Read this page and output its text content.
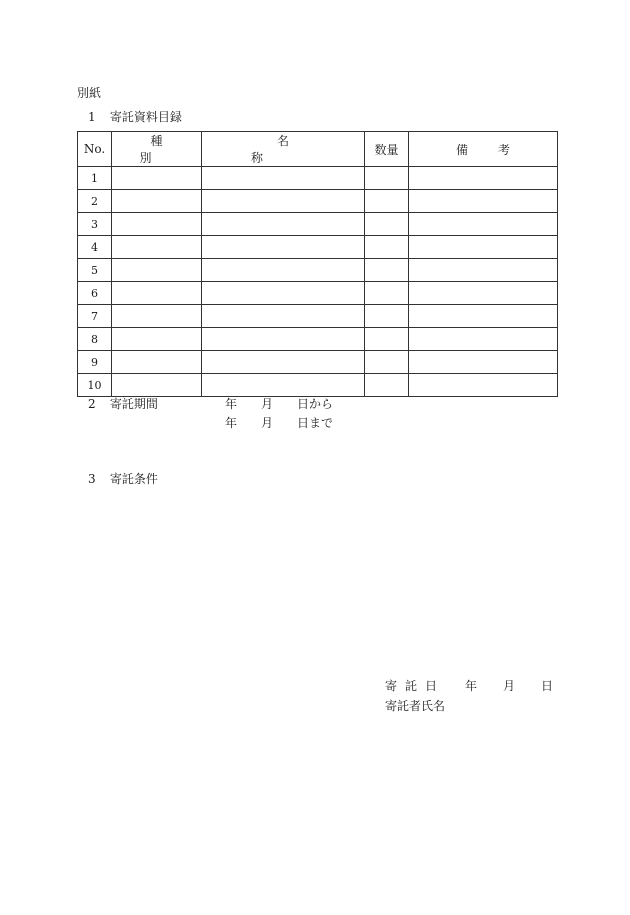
別紙
1 寄託資料目録
No.	種別	名称	数量	備考
1				
2				
3				
4				
5				
6				
7				
8				
9				
10				
2 寄託期間	年 月 日から
年 月 日まで
3 寄託条件
寄託日 年 月 日
寄託者氏名
